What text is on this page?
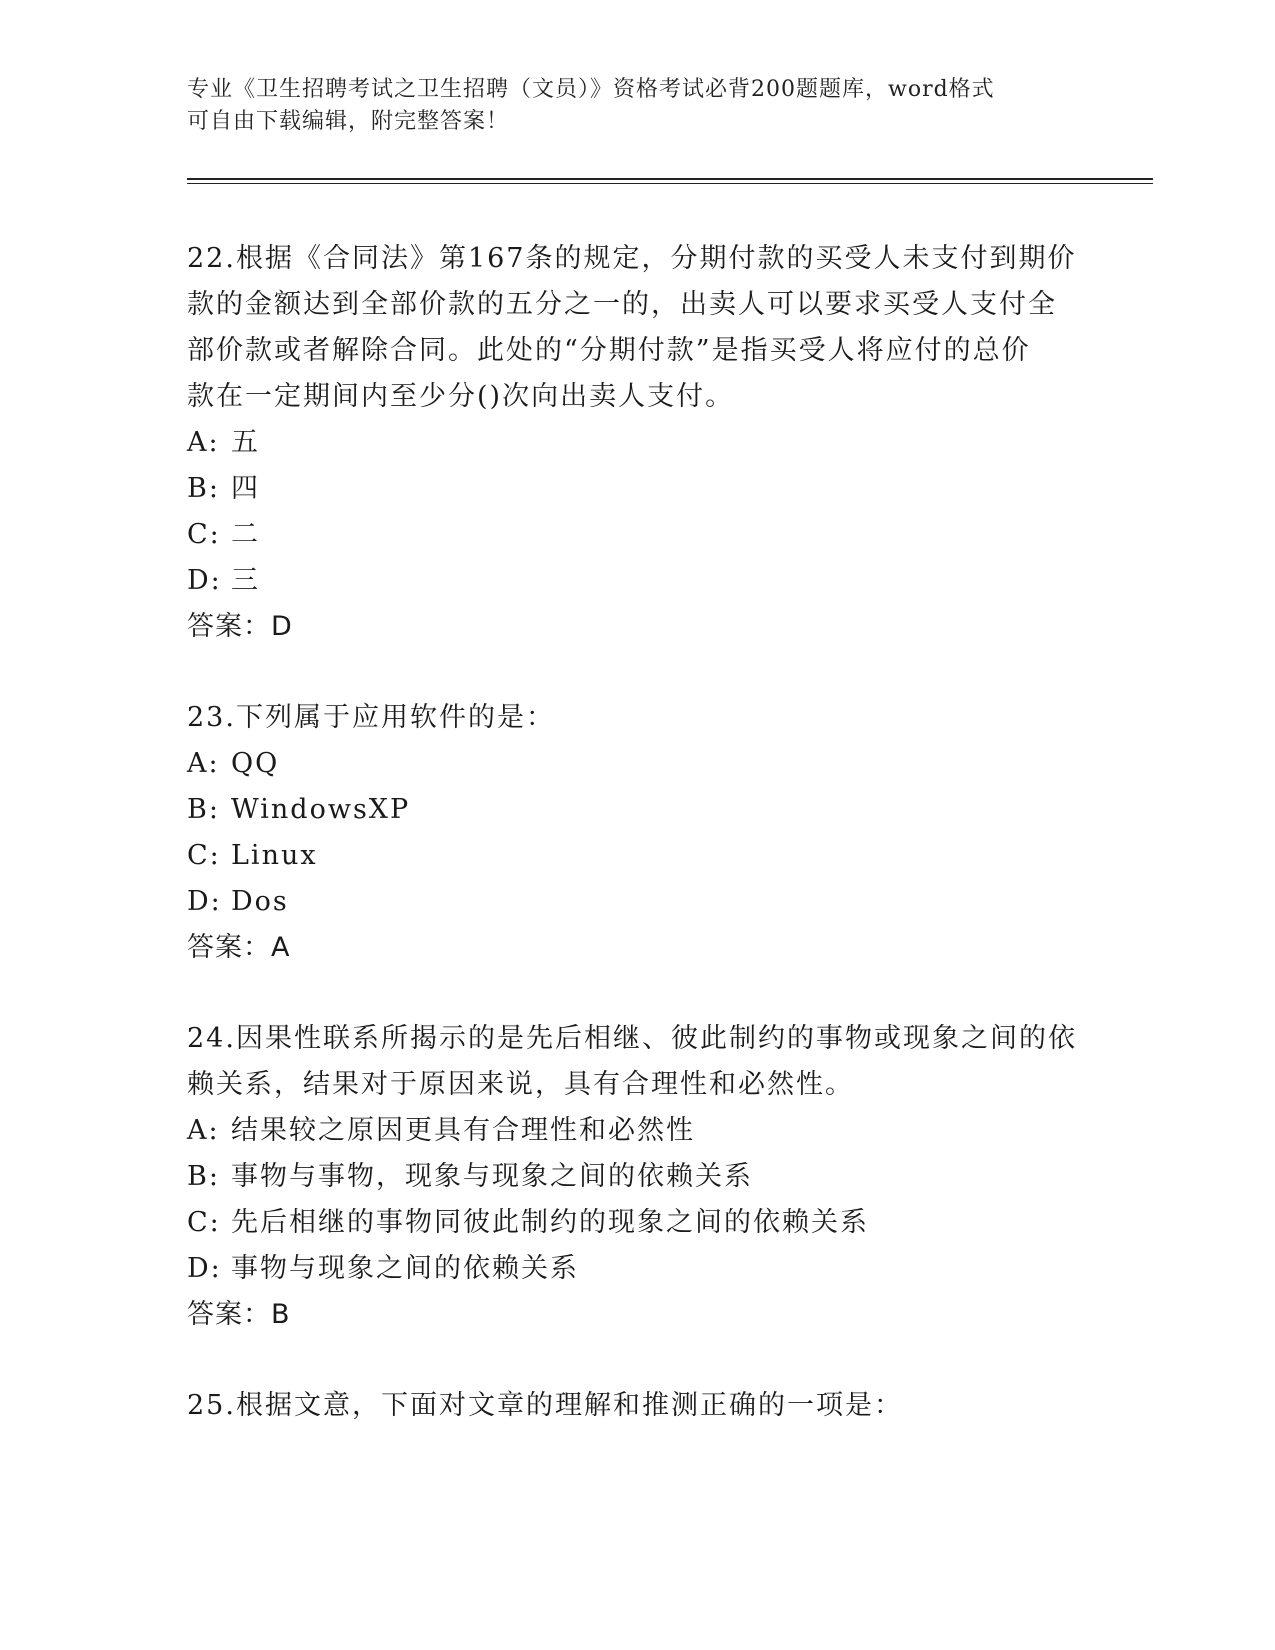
专业《卫生招聘考试之卫生招聘（文员）》资格考试必背200题题库，word格式
可自由下载编辑，附完整答案！

22.根据《合同法》第167条的规定，分期付款的买受人未支付到期价

款的金额达到全部价款的五分之一的，出卖人可以要求买受人支付全

部价款或者解除合同。此处的“分期付款”是指买受人将应付的总价

款在一定期间内至少分()次向出卖人支付。

A: 五
B: 四
C: 二
D: 三

答案：D

23.下列属于应用软件的是：

A: QQ
B: WindowsXP
C: Linux
D: Dos

答案：A

24.因果性联系所揭示的是先后相继、彼此制约的事物或现象之间的依

赖关系，结果对于原因来说，具有合理性和必然性。

A: 结果较之原因更具有合理性和必然性
B: 事物与事物，现象与现象之间的依赖关系
C: 先后相继的事物同彼此制约的现象之间的依赖关系
D: 事物与现象之间的依赖关系

答案：B

25.根据文意，下面对文章的理解和推测正确的一项是：
